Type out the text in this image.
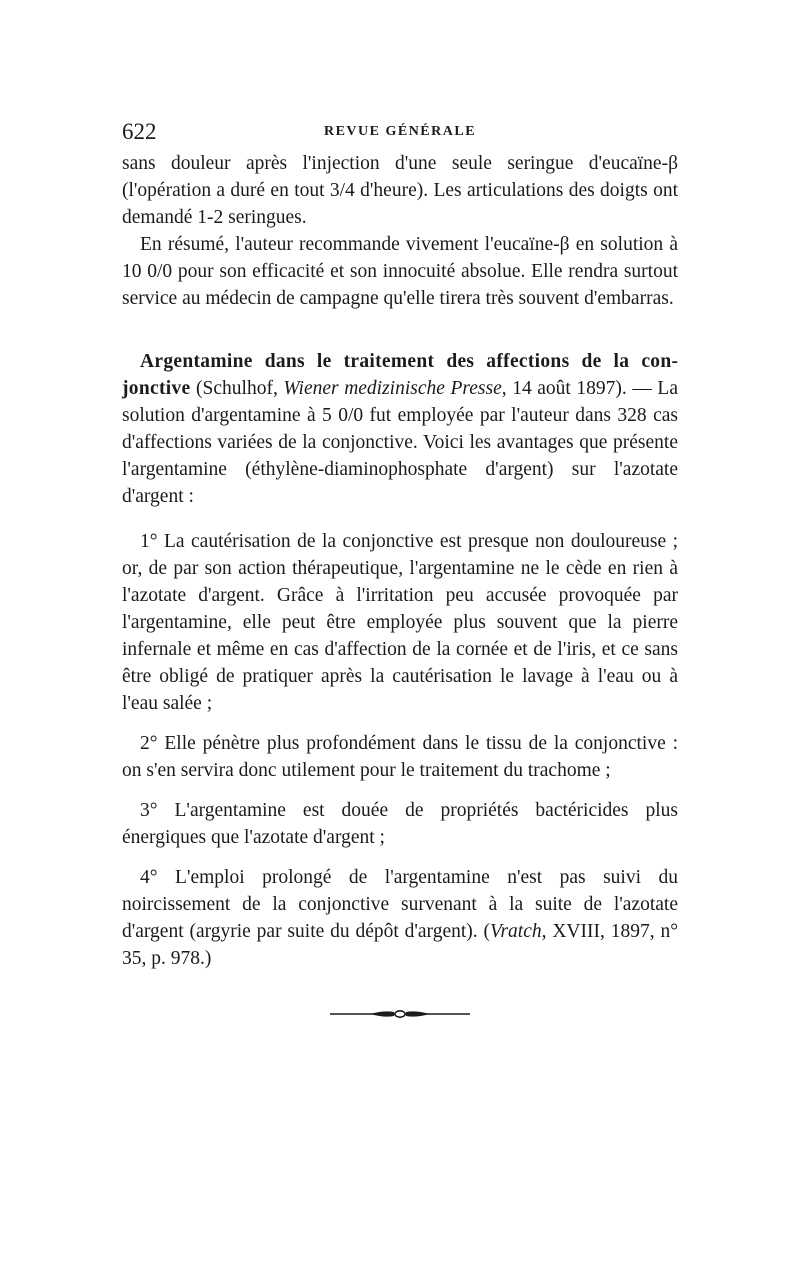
622	REVUE GÉNÉRALE

sans douleur après l'injection d'une seule seringue d'eucaïne-β (l'opération a duré en tout 3/4 d'heure). Les articulations des doigts ont demandé 1-2 seringues.

En résumé, l'auteur recommande vivement l'eucaïne-β en solution à 10 0/0 pour son efficacité et son innocuité absolue. Elle rendra surtout service au médecin de campagne qu'elle tirera très souvent d'embarras.

Argentamine dans le traitement des affections de la conjonctive (Schulhof, Wiener medizinische Presse, 14 août 1897). — La solution d'argentamine à 5 0/0 fut employée par l'auteur dans 328 cas d'affections variées de la conjonctive. Voici les avantages que présente l'argentamine (éthylène-diaminophosphate d'argent) sur l'azotate d'argent :

1° La cautérisation de la conjonctive est presque non douloureuse ; or, de par son action thérapeutique, l'argentamine ne le cède en rien à l'azotate d'argent. Grâce à l'irritation peu accusée provoquée par l'argentamine, elle peut être employée plus souvent que la pierre infernale et même en cas d'affection de la cornée et de l'iris, et ce sans être obligé de pratiquer après la cautérisation le lavage à l'eau ou à l'eau salée ;

2° Elle pénètre plus profondément dans le tissu de la conjonctive : on s'en servira donc utilement pour le traitement du trachome ;

3° L'argentamine est douée de propriétés bactéricides plus énergiques que l'azotate d'argent ;

4° L'emploi prolongé de l'argentamine n'est pas suivi du noircissement de la conjonctive survenant à la suite de l'azotate d'argent (argyrie par suite du dépôt d'argent). (Vratch, XVIII, 1897, n° 35, p. 978.)
